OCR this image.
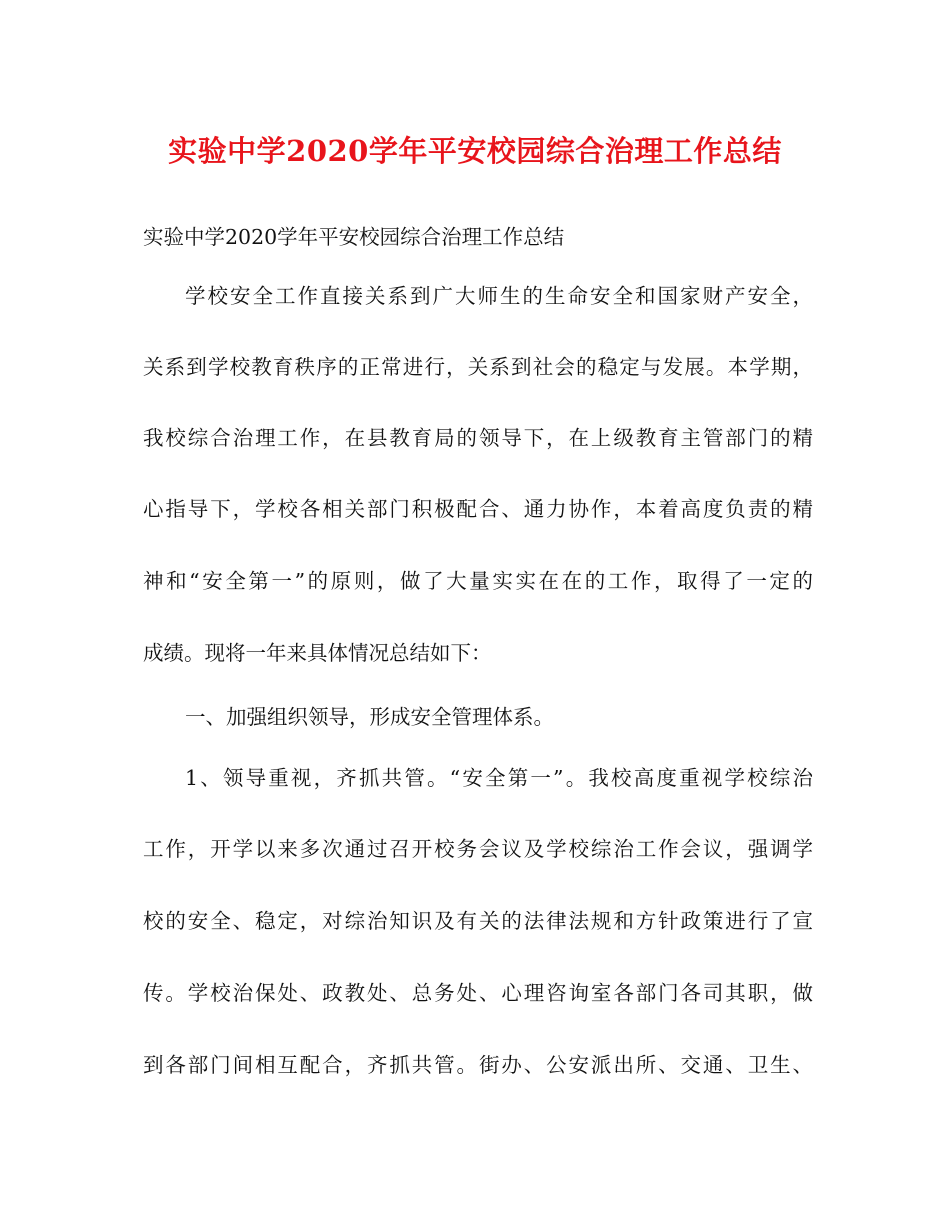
实验中学2020学年平安校园综合治理工作总结
实验中学2020学年平安校园综合治理工作总结
学校安全工作直接关系到广大师生的生命安全和国家财产安全，
关系到学校教育秩序的正常进行，关系到社会的稳定与发展。本学期，
我校综合治理工作，在县教育局的领导下，在上级教育主管部门的精
心指导下，学校各相关部门积极配合、通力协作，本着高度负责的精
神和“安全第一”的原则，做了大量实实在在的工作，取得了一定的
成绩。现将一年来具体情况总结如下：
一、加强组织领导，形成安全管理体系。
1、领导重视，齐抓共管。“安全第一”。我校高度重视学校综治
工作，开学以来多次通过召开校务会议及学校综治工作会议，强调学
校的安全、稳定，对综治知识及有关的法律法规和方针政策进行了宣
传。学校治保处、政教处、总务处、心理咨询室各部门各司其职，做
到各部门间相互配合，齐抓共管。街办、公安派出所、交通、卫生、
